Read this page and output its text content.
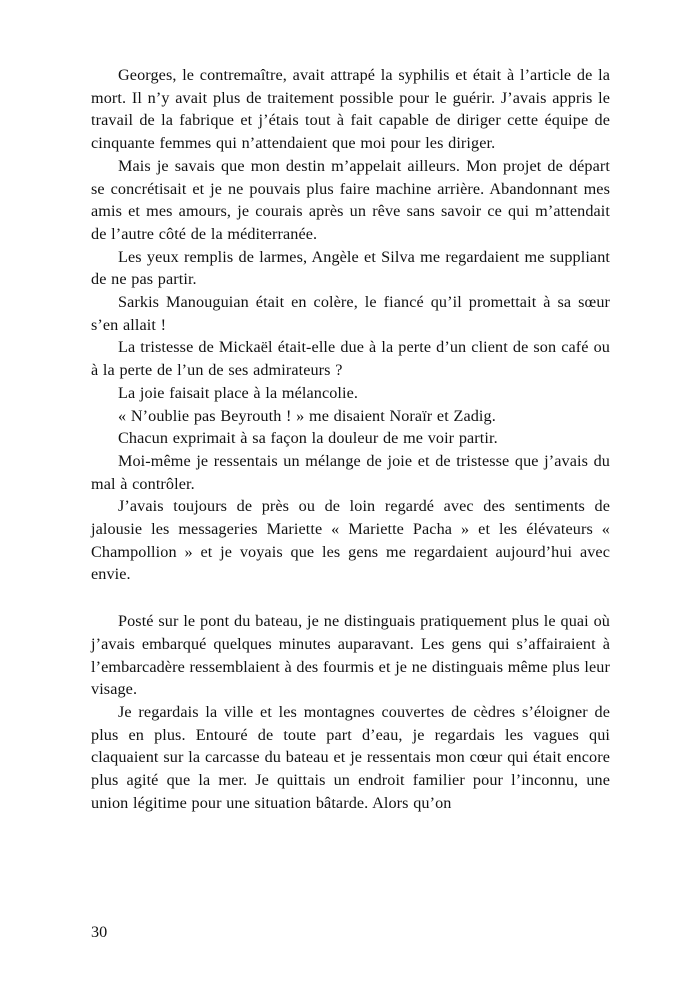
Georges, le contremaître, avait attrapé la syphilis et était à l’article de la mort. Il n’y avait plus de traitement possible pour le guérir. J’avais appris le travail de la fabrique et j’étais tout à fait capable de diriger cette équipe de cinquante femmes qui n’attendaient que moi pour les diriger.

Mais je savais que mon destin m’appelait ailleurs. Mon projet de départ se concrétisait et je ne pouvais plus faire machine arrière. Abandonnant mes amis et mes amours, je courais après un rêve sans savoir ce qui m’attendait de l’autre côté de la méditerranée.

Les yeux remplis de larmes, Angèle et Silva me regardaient me suppliant de ne pas partir.

Sarkis Manouguian était en colère, le fiancé qu’il promettait à sa sœur s’en allait !

La tristesse de Mickaël était-elle due à la perte d’un client de son café ou à la perte de l’un de ses admirateurs ?

La joie faisait place à la mélancolie.

« N’oublie pas Beyrouth ! » me disaient Noraïr et Zadig.

Chacun exprimait à sa façon la douleur de me voir partir.

Moi-même je ressentais un mélange de joie et de tristesse que j’avais du mal à contrôler.

J’avais toujours de près ou de loin regardé avec des sentiments de jalousie les messageries Mariette « Mariette Pacha » et les élévateurs « Champollion » et je voyais que les gens me regardaient aujourd’hui avec envie.

Posté sur le pont du bateau, je ne distinguais pratiquement plus le quai où j’avais embarqué quelques minutes auparavant. Les gens qui s’affairaient à l’embarcadère ressemblaient à des fourmis et je ne distinguais même plus leur visage.

Je regardais la ville et les montagnes couvertes de cèdres s’éloigner de plus en plus. Entouré de toute part d’eau, je regardais les vagues qui claquaient sur la carcasse du bateau et je ressentais mon cœur qui était encore plus agité que la mer. Je quittais un endroit familier pour l’inconnu, une union légitime pour une situation bâtarde. Alors qu’on

30
